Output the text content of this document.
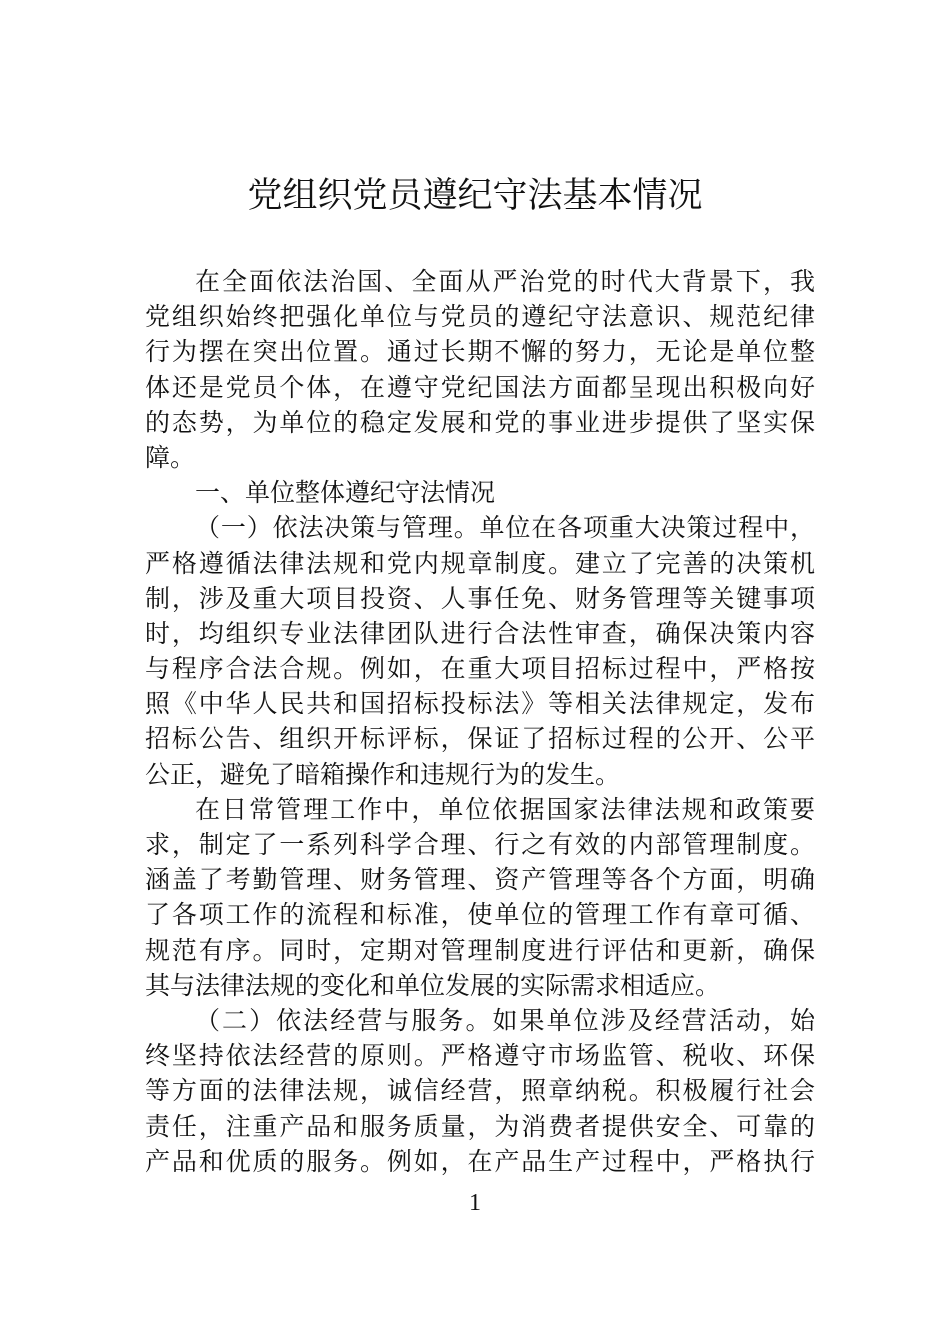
党组织党员遵纪守法基本情况
在全面依法治国、全面从严治党的时代大背景下，我
党组织始终把强化单位与党员的遵纪守法意识、规范纪律
行为摆在突出位置。通过长期不懈的努力，无论是单位整
体还是党员个体，在遵守党纪国法方面都呈现出积极向好
的态势，为单位的稳定发展和党的事业进步提供了坚实保
障。
一、单位整体遵纪守法情况
（一）依法决策与管理。单位在各项重大决策过程中，
严格遵循法律法规和党内规章制度。建立了完善的决策机
制，涉及重大项目投资、人事任免、财务管理等关键事项
时，均组织专业法律团队进行合法性审查，确保决策内容
与程序合法合规。例如，在重大项目招标过程中，严格按
照《中华人民共和国招标投标法》等相关法律规定，发布
招标公告、组织开标评标，保证了招标过程的公开、公平
公正，避免了暗箱操作和违规行为的发生。
在日常管理工作中，单位依据国家法律法规和政策要
求，制定了一系列科学合理、行之有效的内部管理制度。
涵盖了考勤管理、财务管理、资产管理等各个方面，明确
了各项工作的流程和标准，使单位的管理工作有章可循、
规范有序。同时，定期对管理制度进行评估和更新，确保
其与法律法规的变化和单位发展的实际需求相适应。
（二）依法经营与服务。如果单位涉及经营活动，始
终坚持依法经营的原则。严格遵守市场监管、税收、环保
等方面的法律法规，诚信经营，照章纳税。积极履行社会
责任，注重产品和服务质量，为消费者提供安全、可靠的
产品和优质的服务。例如，在产品生产过程中，严格执行
1
